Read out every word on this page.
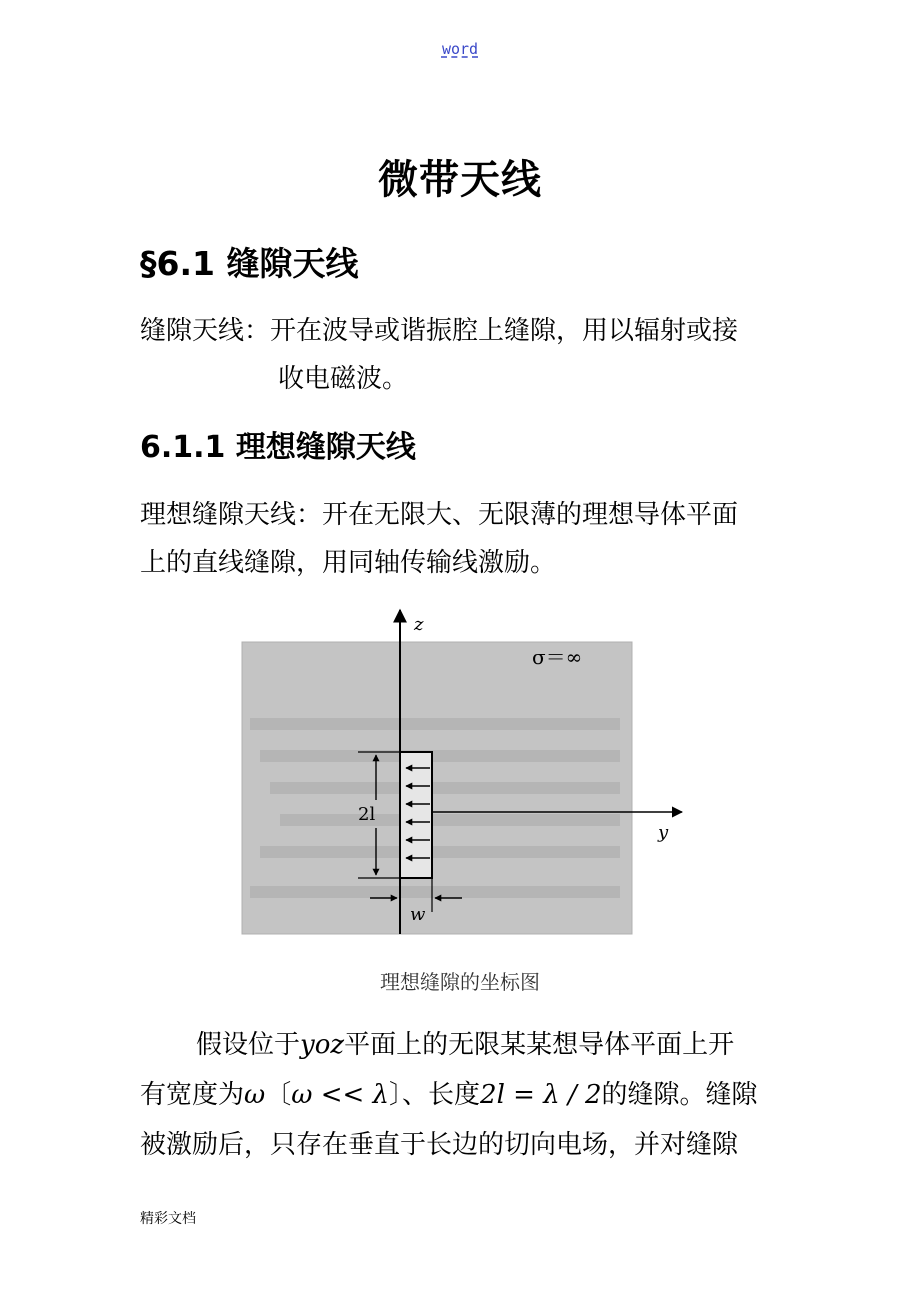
word
微带天线
§6.1 缝隙天线
缝隙天线：开在波导或谐振腔上缝隙，用以辐射或接
收电磁波。
6.1.1 理想缝隙天线
理想缝隙天线：开在无限大、无限薄的理想导体平面
上的直线缝隙，用同轴传输线激励。
z
y
σ＝∞
2l
w
理想缝隙的坐标图
假设位于yoz平面上的无限某某想导体平面上开
有宽度为ω〔ω << λ〕、长度2l = λ / 2的缝隙。缝隙
被激励后，只存在垂直于长边的切向电场，并对缝隙
精彩文档
